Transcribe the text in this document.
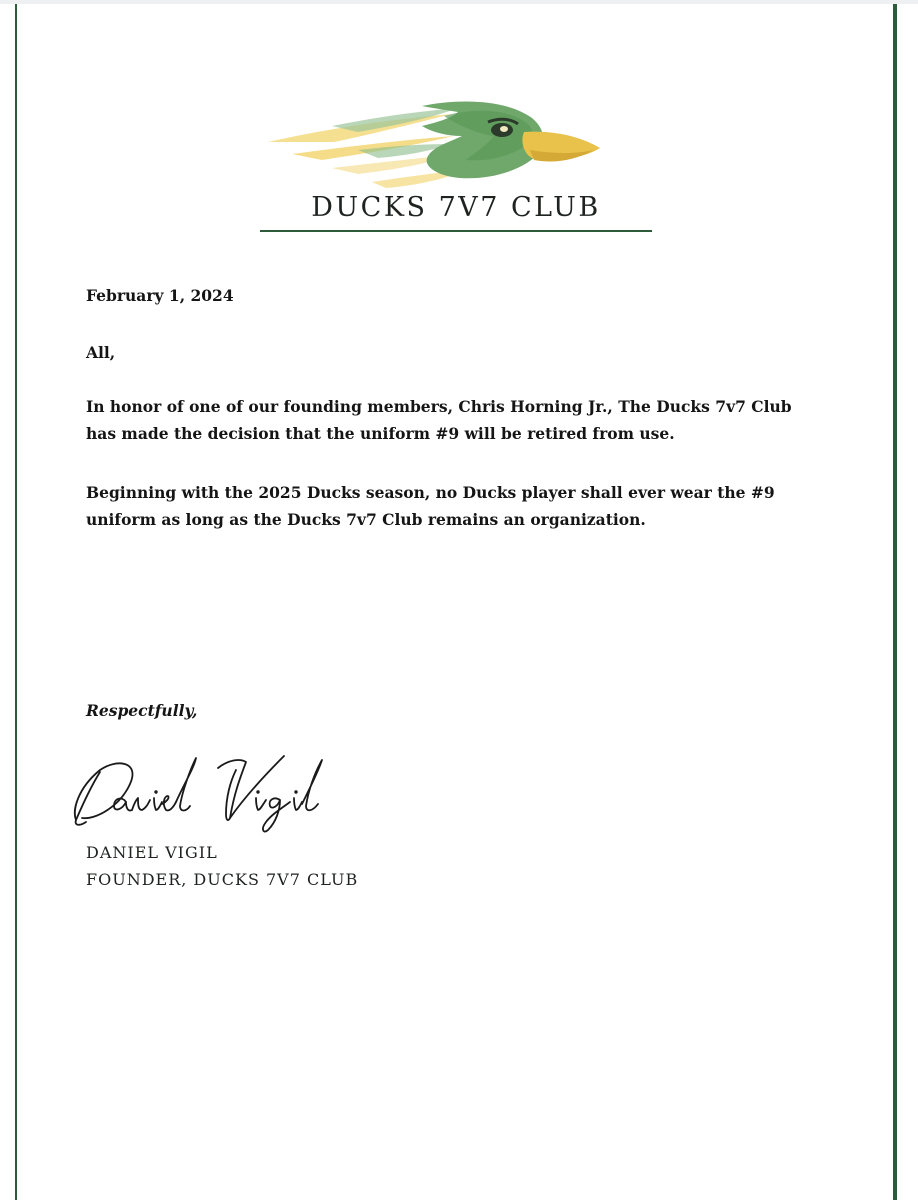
DUCKS 7V7 CLUB
February 1, 2024
All,
In honor of one of our founding members, Chris Horning Jr., The Ducks 7v7 Club
has made the decision that the uniform #9 will be retired from use.
Beginning with the 2025 Ducks season, no Ducks player shall ever wear the #9
uniform as long as the Ducks 7v7 Club remains an organization.
Respectfully,
DANIEL VIGIL
FOUNDER, DUCKS 7V7 CLUB
